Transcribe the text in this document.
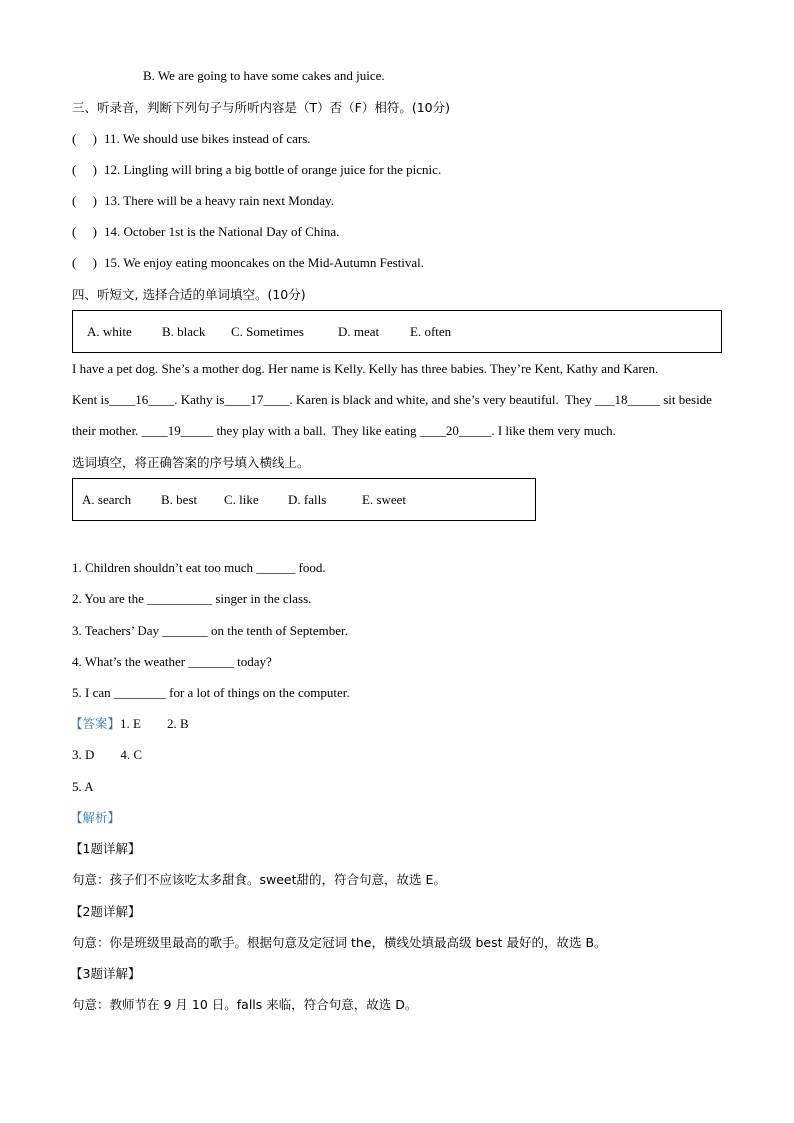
B. We are going to have some cakes and juice.
三、听录音，判断下列句子与所听内容是（T）否（F）相符。(10分)
(　 ) 11. We should use bikes instead of cars.
(　 ) 12. Lingling will bring a big bottle of orange juice for the picnic.
(　 ) 13. There will be a heavy rain next Monday.
(　 ) 14. October 1st is the National Day of China.
(　 ) 15. We enjoy eating mooncakes on the Mid-Autumn Festival.
四、听短文, 选择合适的单词填空。(10分)
A. white B. black C. Sometimes	D. meat E. often
I have a pet dog. She’s a mother dog. Her name is Kelly. Kelly has three babies. They’re Kent, Kathy and Karen.
Kent is____16____. Kathy is____17____. Karen is black and white, and she’s very beautiful.  They ___18_____ sit beside
their mother. ____19_____ they play with a ball.  They like eating ____20_____. I like them very much.
选词填空，将正确答案的序号填入横线上。
A. search B. best C. like D. falls	E. sweet
1. Children shouldn’t eat too much ______ food.
2. You are the __________ singer in the class.
3. Teachers’ Day _______ on the tenth of September.
4. What’s the weather _______ today?
5. I can ________ for a lot of things on the computer.
【答案】1. E        2. B
3. D        4. C
5. A
【解析】
【1题详解】
句意：孩子们不应该吃太多甜食。sweet甜的，符合句意，故选 E。
【2题详解】
句意：你是班级里最高的歌手。根据句意及定冠词 the，横线处填最高级 best 最好的，故选 B。
【3题详解】
句意：教师节在 9 月 10 日。falls 来临，符合句意，故选 D。
